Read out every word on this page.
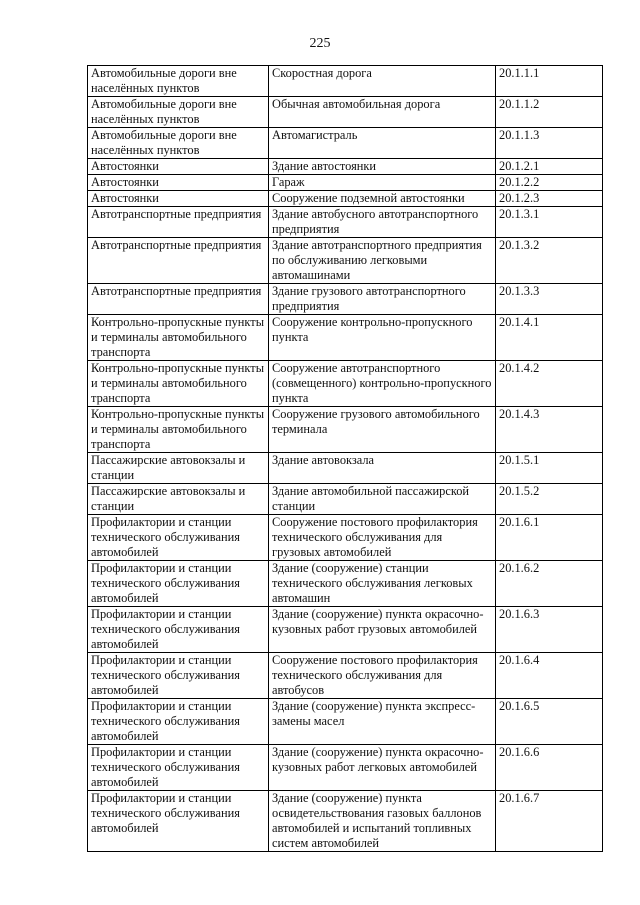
225
Автомобильные дороги вне населённых пунктов	Скоростная дорога	20.1.1.1
Автомобильные дороги вне населённых пунктов	Обычная автомобильная дорога	20.1.1.2
Автомобильные дороги вне населённых пунктов	Автомагистраль	20.1.1.3
Автостоянки	Здание автостоянки	20.1.2.1
Автостоянки	Гараж	20.1.2.2
Автостоянки	Сооружение подземной автостоянки	20.1.2.3
Автотранспортные предприятия	Здание автобусного автотранспортного предприятия	20.1.3.1
Автотранспортные предприятия	Здание автотранспортного предприятия по обслуживанию легковыми автомашинами	20.1.3.2
Автотранспортные предприятия	Здание грузового автотранспортного предприятия	20.1.3.3
Контрольно-пропускные пункты и терминалы автомобильного транспорта	Сооружение контрольно-пропускного пункта	20.1.4.1
Контрольно-пропускные пункты и терминалы автомобильного транспорта	Сооружение автотранспортного (совмещенного) контрольно-пропускного пункта	20.1.4.2
Контрольно-пропускные пункты и терминалы автомобильного транспорта	Сооружение грузового автомобильного терминала	20.1.4.3
Пассажирские автовокзалы и станции	Здание автовокзала	20.1.5.1
Пассажирские автовокзалы и станции	Здание автомобильной пассажирской станции	20.1.5.2
Профилактории и станции технического обслуживания автомобилей	Сооружение постового профилактория технического обслуживания для грузовых автомобилей	20.1.6.1
Профилактории и станции технического обслуживания автомобилей	Здание (сооружение) станции технического обслуживания легковых автомашин	20.1.6.2
Профилактории и станции технического обслуживания автомобилей	Здание (сооружение) пункта окрасочно-кузовных работ грузовых автомобилей	20.1.6.3
Профилактории и станции технического обслуживания автомобилей	Сооружение постового профилактория технического обслуживания для автобусов	20.1.6.4
Профилактории и станции технического обслуживания автомобилей	Здание (сооружение) пункта экспресс-замены масел	20.1.6.5
Профилактории и станции технического обслуживания автомобилей	Здание (сооружение) пункта окрасочно-кузовных работ легковых автомобилей	20.1.6.6
Профилактории и станции технического обслуживания автомобилей	Здание (сооружение) пункта освидетельствования газовых баллонов автомобилей и испытаний топливных систем автомобилей	20.1.6.7
